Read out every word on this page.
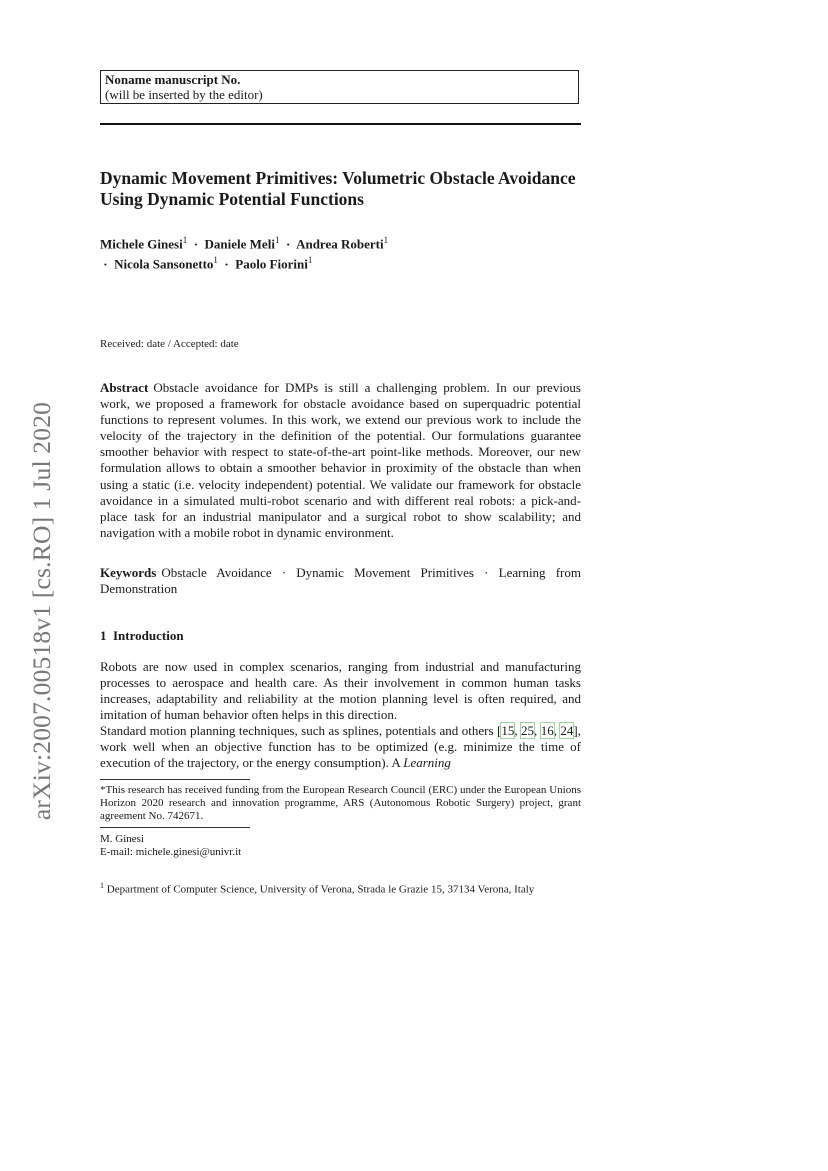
arXiv:2007.00518v1 [cs.RO] 1 Jul 2020
Noname manuscript No.
(will be inserted by the editor)
Dynamic Movement Primitives: Volumetric Obstacle Avoidance Using Dynamic Potential Functions
Michele Ginesi$^1$ · Daniele Meli$^1$ · Andrea Roberti$^1$  · Nicola Sansonetto$^1$ · Paolo Fiorini$^1$
Received: date / Accepted: date

Abstract Obstacle avoidance for DMPs is still a challenging problem. In our previous work, we proposed a framework for obstacle avoidance based on superquadric potential functions to represent volumes. In this work, we extend our previous work to include the velocity of the trajectory in the definition of the potential. Our formulations guarantee smoother behavior with respect to state-of-the-art point-like methods. Moreover, our new formulation allows to obtain a smoother behavior in proximity of the obstacle than when using a static (i.e. velocity independent) potential. We validate our framework for obstacle avoidance in a simulated multi-robot scenario and with different real robots: a pick-and-place task for an industrial manipulator and a surgical robot to show scalability; and navigation with a mobile robot in dynamic environment.

Keywords Obstacle Avoidance · Dynamic Movement Primitives · Learning from Demonstration

1 Introduction

Robots are now used in complex scenarios, ranging from industrial and manufacturing processes to aerospace and health care. As their involvement in common human tasks increases, adaptability and reliability at the motion planning level is often required, and imitation of human behavior often helps in this direction.

Standard motion planning techniques, such as splines, potentials and others [15, 25, 16, 24], work well when an objective function has to be optimized (e.g. minimize the time of execution of the trajectory, or the energy consumption). A Learning

*This research has received funding from the European Research Council (ERC) under the European Unions Horizon 2020 research and innovation programme, ARS (Autonomous Robotic Surgery) project, grant agreement No. 742671.

M. Ginesi
E-mail: michele.ginesi@univr.it

$^1$ Department of Computer Science, University of Verona, Strada le Grazie 15, 37134 Verona, Italy
